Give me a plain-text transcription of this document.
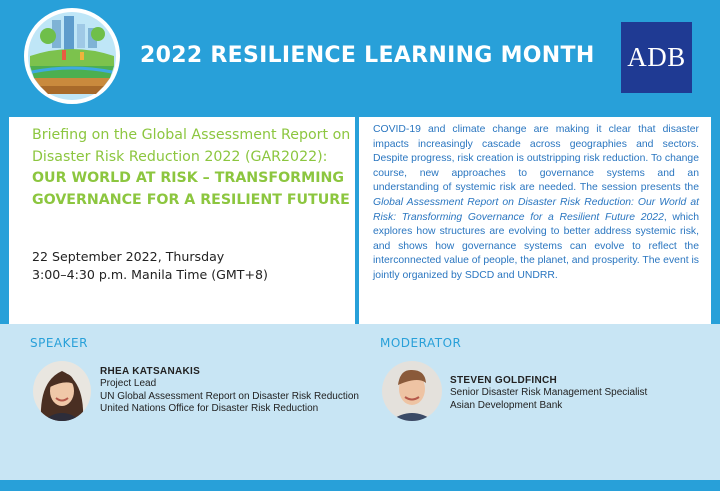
2022 RESILIENCE LEARNING MONTH	ADB
Briefing on the Global Assessment Report on Disaster Risk Reduction 2022 (GAR2022): OUR WORLD AT RISK – TRANSFORMING GOVERNANCE FOR A RESILIENT FUTURE
22 September 2022, Thursday
3:00–4:30 p.m. Manila Time (GMT+8)
COVID-19 and climate change are making it clear that disaster impacts increasingly cascade across geographies and sectors. Despite progress, risk creation is outstripping risk reduction. To change course, new approaches to governance systems and an understanding of systemic risk are needed. The session presents the Global Assessment Report on Disaster Risk Reduction: Our World at Risk: Transforming Governance for a Resilient Future 2022, which explores how structures are evolving to better address systemic risk, and shows how governance systems can evolve to reflect the interconnected value of people, the planet, and prosperity. The event is jointly organized by SDCD and UNDRR.
SPEAKER	MODERATOR
RHEA KATSANAKIS
Project Lead
UN Global Assessment Report on Disaster Risk Reduction
United Nations Office for Disaster Risk Reduction
STEVEN GOLDFINCH
Senior Disaster Risk Management Specialist
Asian Development Bank
